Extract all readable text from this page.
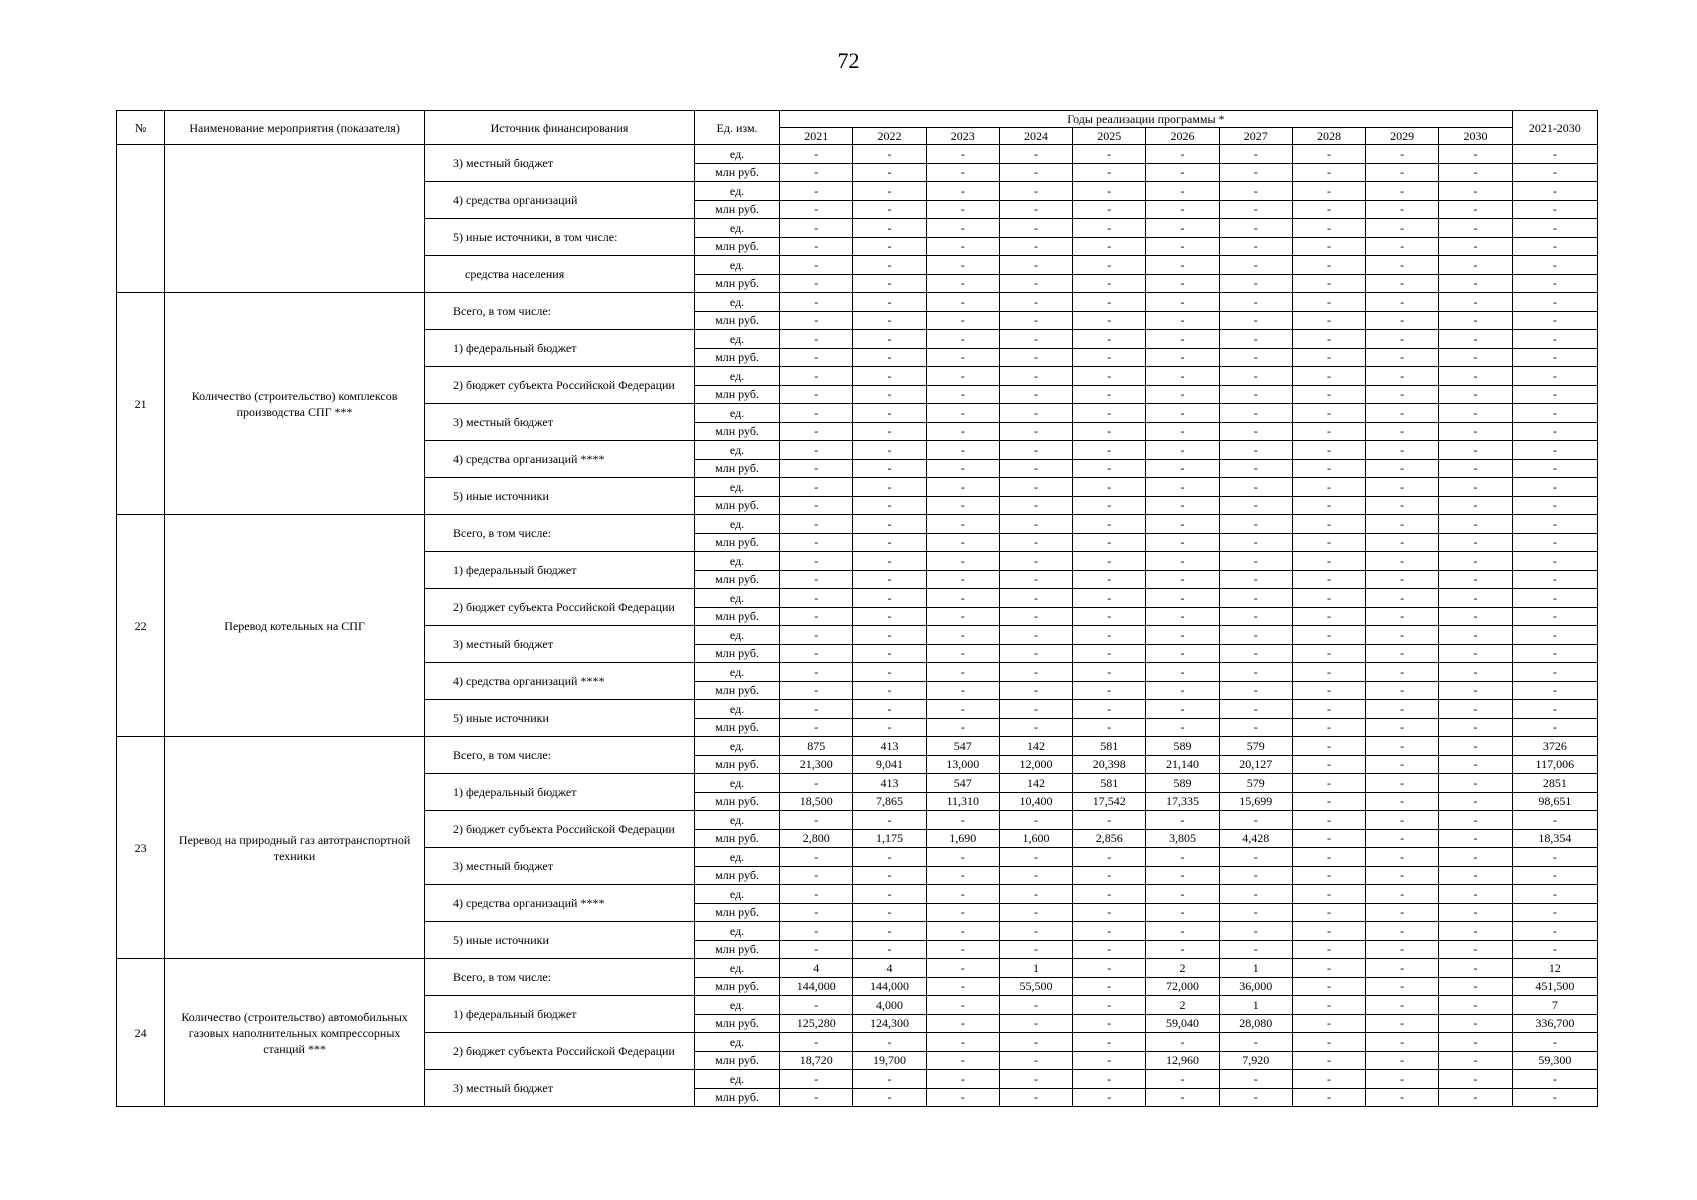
72
№	Наименование мероприятия (показателя)	Источник финансирования	Ед. изм.	Годы реализации программы *										2021-2030
				2021	2022	2023	2024	2025	2026	2027	2028	2029	2030	
		3) местный бюджет	ед.	-	-	-	-	-	-	-	-	-	-	-
			млн руб.	-	-	-	-	-	-	-	-	-	-	-
		4) средства организаций	ед.	-	-	-	-	-	-	-	-	-	-	-
			млн руб.	-	-	-	-	-	-	-	-	-	-	-
		5) иные источники, в том числе:	ед.	-	-	-	-	-	-	-	-	-	-	-
			млн руб.	-	-	-	-	-	-	-	-	-	-	-
		средства населения	ед.	-	-	-	-	-	-	-	-	-	-	-
			млн руб.	-	-	-	-	-	-	-	-	-	-	-
21	Количество (строительство) комплексов производства СПГ ***	Всего, в том числе:	ед.	-	-	-	-	-	-	-	-	-	-	-
			млн руб.	-	-	-	-	-	-	-	-	-	-	-
		1) федеральный бюджет	ед.	-	-	-	-	-	-	-	-	-	-	-
			млн руб.	-	-	-	-	-	-	-	-	-	-	-
		2) бюджет субъекта Российской Федерации	ед.	-	-	-	-	-	-	-	-	-	-	-
			млн руб.	-	-	-	-	-	-	-	-	-	-	-
		3) местный бюджет	ед.	-	-	-	-	-	-	-	-	-	-	-
			млн руб.	-	-	-	-	-	-	-	-	-	-	-
		4) средства организаций ****	ед.	-	-	-	-	-	-	-	-	-	-	-
			млн руб.	-	-	-	-	-	-	-	-	-	-	-
		5) иные источники	ед.	-	-	-	-	-	-	-	-	-	-	-
			млн руб.	-	-	-	-	-	-	-	-	-	-	-
22	Перевод котельных на СПГ	Всего, в том числе:	ед.	-	-	-	-	-	-	-	-	-	-	-
			млн руб.	-	-	-	-	-	-	-	-	-	-	-
		1) федеральный бюджет	ед.	-	-	-	-	-	-	-	-	-	-	-
			млн руб.	-	-	-	-	-	-	-	-	-	-	-
		2) бюджет субъекта Российской Федерации	ед.	-	-	-	-	-	-	-	-	-	-	-
			млн руб.	-	-	-	-	-	-	-	-	-	-	-
		3) местный бюджет	ед.	-	-	-	-	-	-	-	-	-	-	-
			млн руб.	-	-	-	-	-	-	-	-	-	-	-
		4) средства организаций ****	ед.	-	-	-	-	-	-	-	-	-	-	-
			млн руб.	-	-	-	-	-	-	-	-	-	-	-
		5) иные источники	ед.	-	-	-	-	-	-	-	-	-	-	-
			млн руб.	-	-	-	-	-	-	-	-	-	-	-
23	Перевод на природный газ автотранспортной техники	Всего, в том числе:	ед.	875	413	547	142	581	589	579	-	-	-	3726
			млн руб.	21,300	9,041	13,000	12,000	20,398	21,140	20,127	-	-	-	117,006
		1) федеральный бюджет	ед.	-	413	547	142	581	589	579	-	-	-	2851
			млн руб.	18,500	7,865	11,310	10,400	17,542	17,335	15,699	-	-	-	98,651
		2) бюджет субъекта Российской Федерации	ед.	-	-	-	-	-	-	-	-	-	-	-
			млн руб.	2,800	1,175	1,690	1,600	2,856	3,805	4,428	-	-	-	18,354
		3) местный бюджет	ед.	-	-	-	-	-	-	-	-	-	-	-
			млн руб.	-	-	-	-	-	-	-	-	-	-	-
		4) средства организаций ****	ед.	-	-	-	-	-	-	-	-	-	-	-
			млн руб.	-	-	-	-	-	-	-	-	-	-	-
		5) иные источники	ед.	-	-	-	-	-	-	-	-	-	-	-
			млн руб.	-	-	-	-	-	-	-	-	-	-	-
24	Количество (строительство) автомобильных газовых наполнительных компрессорных станций ***	Всего, в том числе:	ед.	4	4	-	1	-	2	1	-	-	-	12
			млн руб.	144,000	144,000	-	55,500	-	72,000	36,000	-	-	-	451,500
		1) федеральный бюджет	ед.	-	4,000	-	-	-	2	1	-	-	-	7
			млн руб.	125,280	124,300	-	-	-	59,040	28,080	-	-	-	336,700
		2) бюджет субъекта Российской Федерации	ед.	-	-	-	-	-	-	-	-	-	-	-
			млн руб.	18,720	19,700	-	-	-	12,960	7,920	-	-	-	59,300
		3) местный бюджет	ед.	-	-	-	-	-	-	-	-	-	-	-
			млн руб.	-	-	-	-	-	-	-	-	-	-	-
